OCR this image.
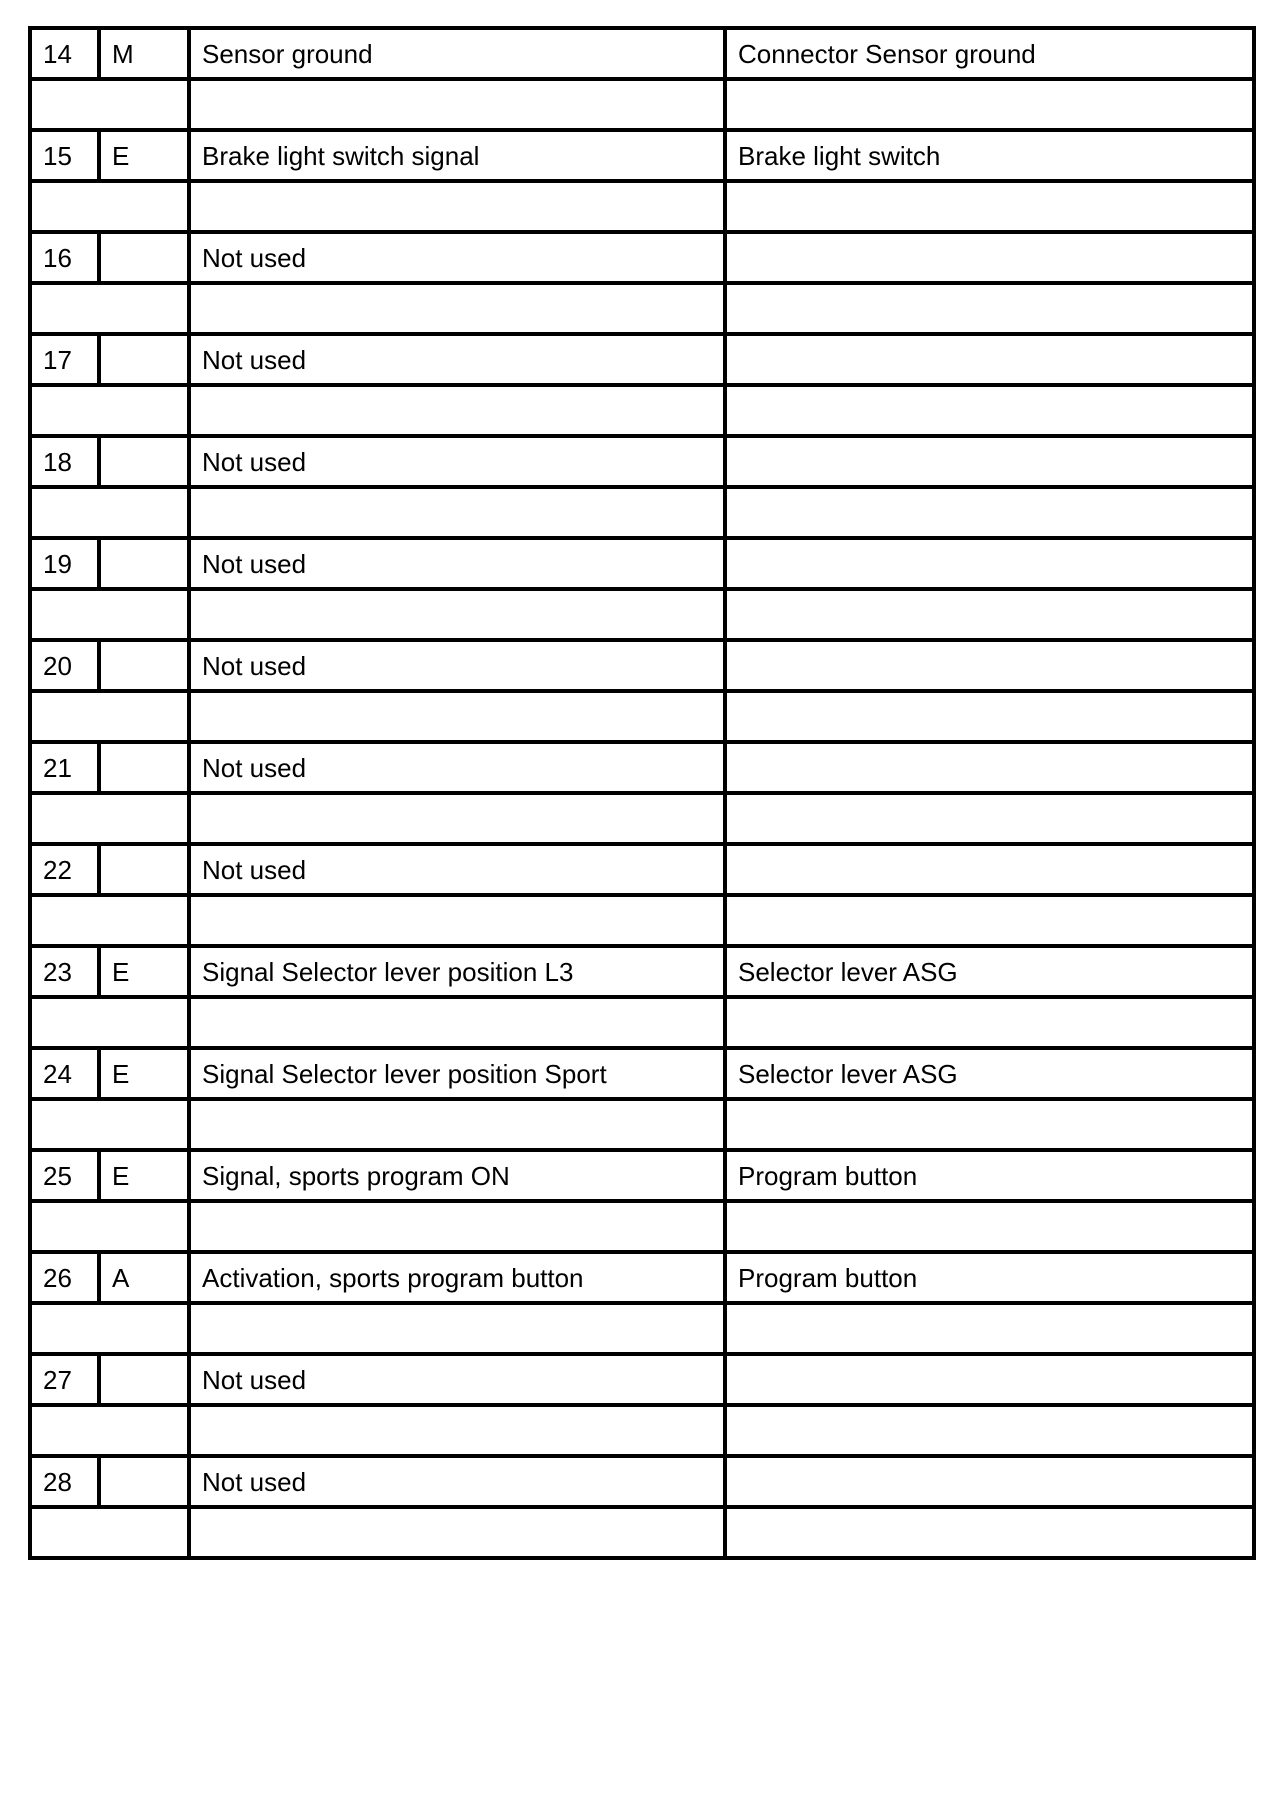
14	M	Sensor ground	Connector Sensor ground

15	E	Brake light switch signal	Brake light switch

16		Not used	

17		Not used	

18		Not used	

19		Not used	

20		Not used	

21		Not used	

22		Not used	

23	E	Signal Selector lever position L3	Selector lever ASG

24	E	Signal Selector lever position Sport	Selector lever ASG

25	E	Signal, sports program ON	Program button

26	A	Activation, sports program button	Program button

27		Not used	

28		Not used	
